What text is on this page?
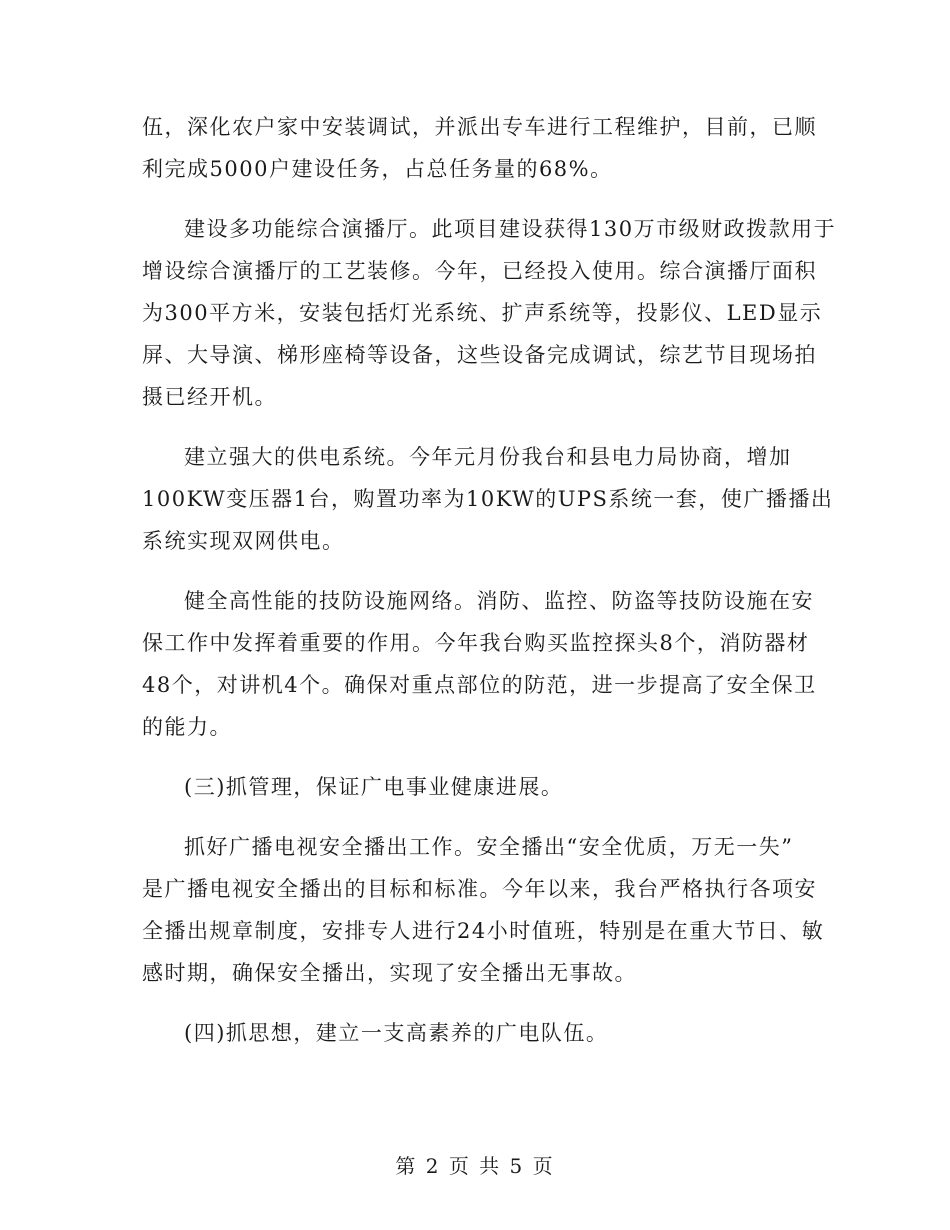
伍，深化农户家中安装调试，并派出专车进行工程维护，目前，已顺
利完成5000户建设任务，占总任务量的68%。

建设多功能综合演播厅。此项目建设获得130万市级财政拨款用于
增设综合演播厅的工艺装修。今年，已经投入使用。综合演播厅面积
为300平方米，安装包括灯光系统、扩声系统等，投影仪、LED显示
屏、大导演、梯形座椅等设备，这些设备完成调试，综艺节目现场拍
摄已经开机。

建立强大的供电系统。今年元月份我台和县电力局协商，增加
100KW变压器1台，购置功率为10KW的UPS系统一套，使广播播出
系统实现双网供电。

健全高性能的技防设施网络。消防、监控、防盗等技防设施在安
保工作中发挥着重要的作用。今年我台购买监控探头8个，消防器材
48个，对讲机4个。确保对重点部位的防范，进一步提高了安全保卫
的能力。

(三)抓管理，保证广电事业健康进展。

抓好广播电视安全播出工作。安全播出“安全优质，万无一失”
是广播电视安全播出的目标和标准。今年以来，我台严格执行各项安
全播出规章制度，安排专人进行24小时值班，特别是在重大节日、敏
感时期，确保安全播出，实现了安全播出无事故。

(四)抓思想，建立一支高素养的广电队伍。

第 2 页 共 5 页
